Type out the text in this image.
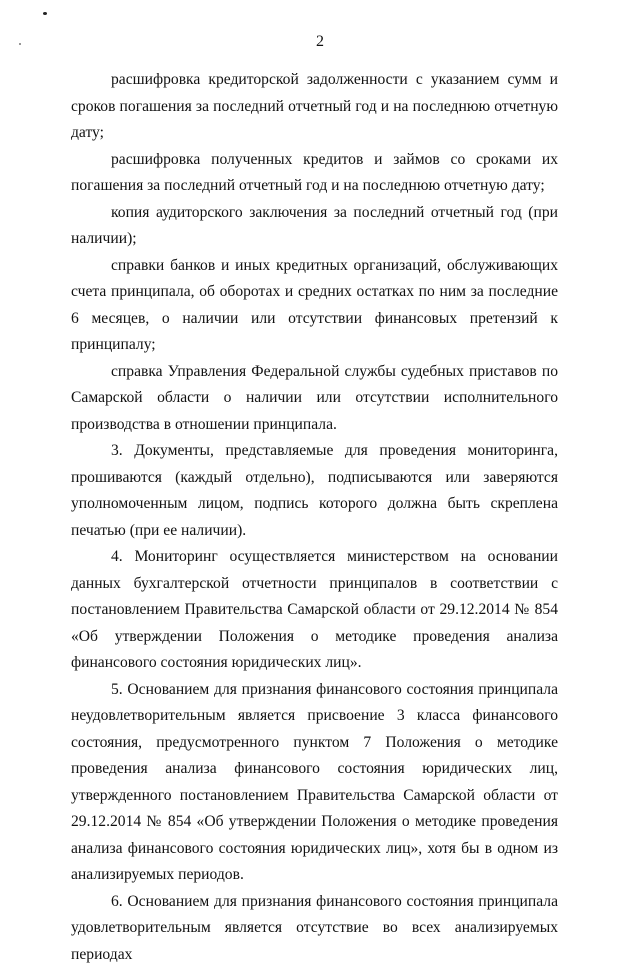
2

расшифровка кредиторской задолженности с указанием сумм и сроков погашения за последний отчетный год и на последнюю отчетную дату;

расшифровка полученных кредитов и займов со сроками их погашения за последний отчетный год и на последнюю отчетную дату;

копия аудиторского заключения за последний отчетный год (при наличии);

справки банков и иных кредитных организаций, обслуживающих счета принципала, об оборотах и средних остатках по ним за последние 6 месяцев, о наличии или отсутствии финансовых претензий к принципалу;

справка Управления Федеральной службы судебных приставов по Самарской области о наличии или отсутствии исполнительного производства в отношении принципала.

3. Документы, представляемые для проведения мониторинга, прошиваются (каждый отдельно), подписываются или заверяются уполномоченным лицом, подпись которого должна быть скреплена печатью (при ее наличии).

4. Мониторинг осуществляется министерством на основании данных бухгалтерской отчетности принципалов в соответствии с постановлением Правительства Самарской области от 29.12.2014 № 854 «Об утверждении Положения о методике проведения анализа финансового состояния юридических лиц».

5. Основанием для признания финансового состояния принципала неудовлетворительным является присвоение 3 класса финансового состояния, предусмотренного пунктом 7 Положения о методике проведения анализа финансового состояния юридических лиц, утвержденного постановлением Правительства Самарской области от 29.12.2014 № 854 «Об утверждении Положения о методике проведения анализа финансового состояния юридических лиц», хотя бы в одном из анализируемых периодов.

6. Основанием для признания финансового состояния принципала удовлетворительным является отсутствие во всех анализируемых периодах
